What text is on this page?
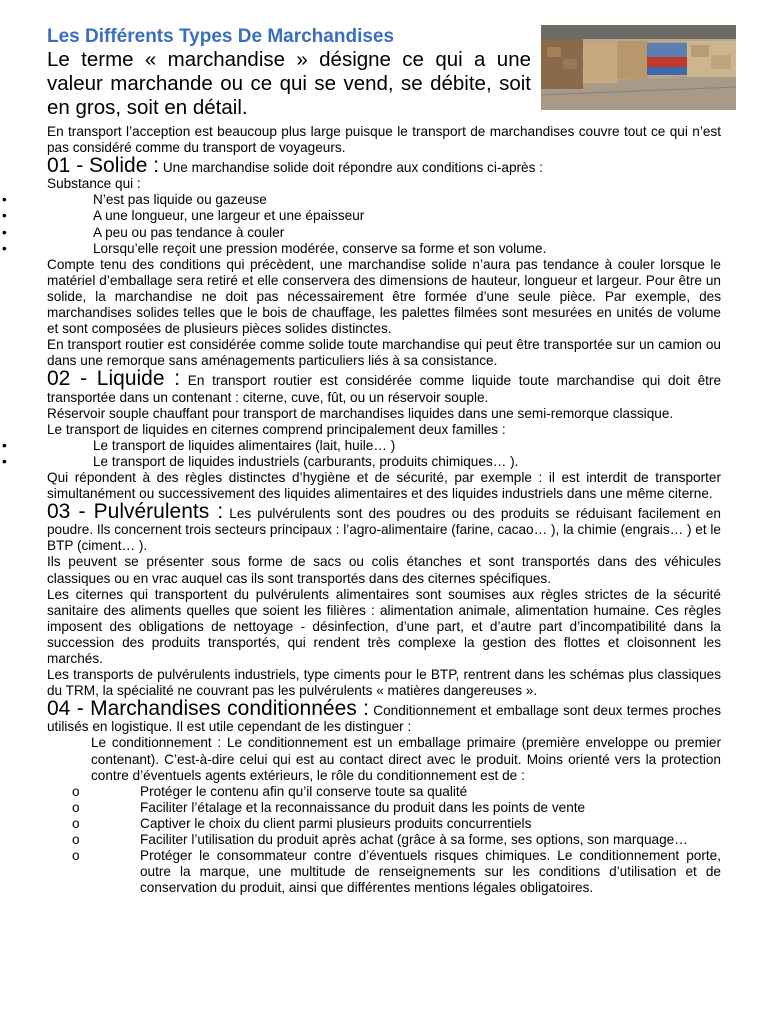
Les Différents Types De Marchandises
Le terme « marchandise » désigne ce qui a une valeur marchande ou ce qui se vend, se débite, soit en gros, soit en détail.

En transport l’acception est beaucoup plus large puisque le transport de marchandises couvre tout ce qui n’est pas considéré comme du transport de voyageurs.

01 - Solide : Une marchandise solide doit répondre aux conditions ci-après :

Substance qui :

• N’est pas liquide ou gazeuse

• A une longueur, une largeur et une épaisseur

• A peu ou pas tendance à couler

• Lorsqu’elle reçoit une pression modérée, conserve sa forme et son volume.

Compte tenu des conditions qui précèdent, une marchandise solide n’aura pas tendance à couler lorsque le matériel d’emballage sera retiré et elle conservera des dimensions de hauteur, longueur et largeur. Pour être un solide, la marchandise ne doit pas nécessairement être formée d’une seule pièce. Par exemple, des marchandises solides telles que le bois de chauffage, les palettes filmées sont mesurées en unités de volume et sont composées de plusieurs pièces solides distinctes.

En transport routier est considérée comme solide toute marchandise qui peut être transportée sur un camion ou dans une remorque sans aménagements particuliers liés à sa consistance.

02 - Liquide : En transport routier est considérée comme liquide toute marchandise qui doit être transportée dans un contenant : citerne, cuve, fût, ou un réservoir souple.

Réservoir souple chauffant pour transport de marchandises liquides dans une semi-remorque classique.

Le transport de liquides en citernes comprend principalement deux familles :

• Le transport de liquides alimentaires (lait, huile… )

• Le transport de liquides industriels (carburants, produits chimiques… ).

Qui répondent à des règles distinctes d’hygiène et de sécurité, par exemple : il est interdit de transporter simultanément ou successivement des liquides alimentaires et des liquides industriels dans une même citerne.

03 - Pulvérulents : Les pulvérulents sont des poudres ou des produits se réduisant facilement en poudre. Ils concernent trois secteurs principaux : l’agro-alimentaire (farine, cacao… ), la chimie (engrais… ) et le BTP (ciment… ).

Ils peuvent se présenter sous forme de sacs ou colis étanches et sont transportés dans des véhicules classiques ou en vrac auquel cas ils sont transportés dans des citernes spécifiques.

Les citernes qui transportent du pulvérulents alimentaires sont soumises aux règles strictes de la sécurité sanitaire des aliments quelles que soient les filières : alimentation animale, alimentation humaine. Ces règles imposent des obligations de nettoyage - désinfection, d’une part, et d’autre part d’incompatibilité dans la succession des produits transportés, qui rendent très complexe la gestion des flottes et cloisonnent les marchés.

Les transports de pulvérulents industriels, type ciments pour le BTP, rentrent dans les schémas plus classiques du TRM, la spécialité ne couvrant pas les pulvérulents « matières dangereuses ».

04 - Marchandises conditionnées : Conditionnement et emballage sont deux termes proches utilisés en logistique. Il est utile cependant de les distinguer :

Le conditionnement : Le conditionnement est un emballage primaire (première enveloppe ou premier contenant). C’est-à-dire celui qui est au contact direct avec le produit. Moins orienté vers la protection contre d’éventuels agents extérieurs, le rôle du conditionnement est de :

o	Protéger le contenu afin qu’il conserve toute sa qualité

o	Faciliter l’étalage et la reconnaissance du produit dans les points de vente

o	Captiver le choix du client parmi plusieurs produits concurrentiels

o	Faciliter l’utilisation du produit après achat (grâce à sa forme, ses options, son marquage…

o	Protéger le consommateur contre d’éventuels risques chimiques. Le conditionnement porte, outre la marque, une multitude de renseignements sur les conditions d’utilisation et de conservation du produit, ainsi que différentes mentions légales obligatoires.
